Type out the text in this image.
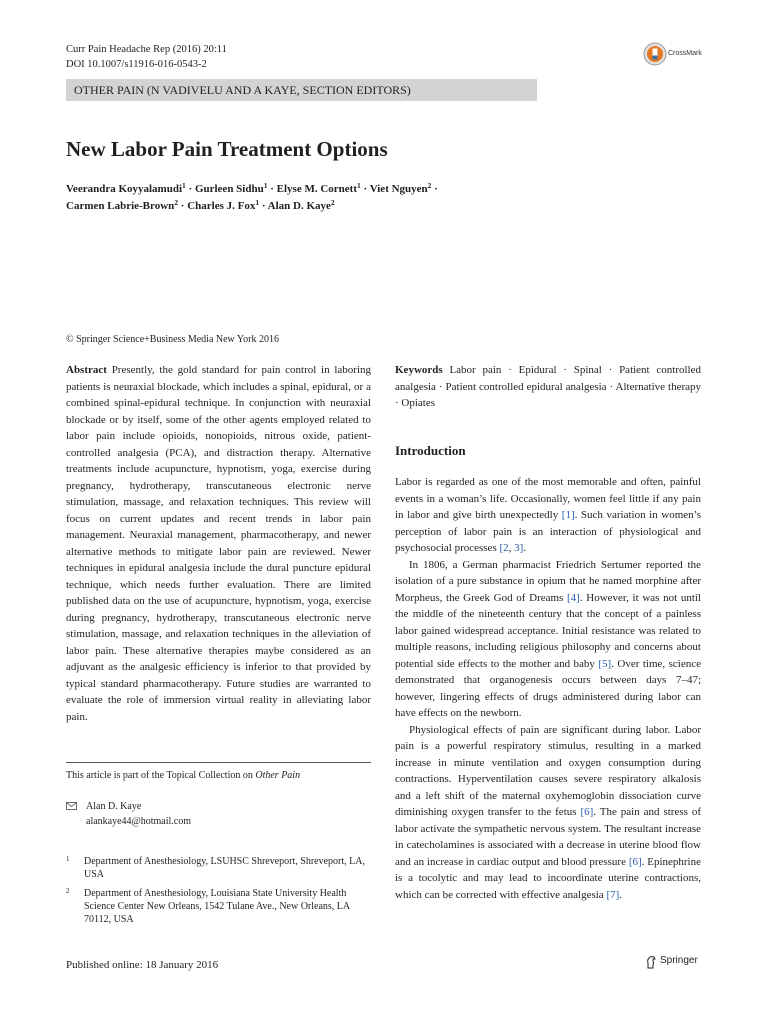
Curr Pain Headache Rep (2016) 20:11
DOI 10.1007/s11916-016-0543-2
CrossMark
OTHER PAIN (N VADIVELU AND A KAYE, SECTION EDITORS)
New Labor Pain Treatment Options
Veerandra Koyyalamudi$^1$ · Gurleen Sidhu$^1$ · Elyse M. Cornett$^1$ · Viet Nguyen$^2$ ·
Carmen Labrie-Brown$^2$ · Charles J. Fox$^1$ · Alan D. Kaye$^2$
© Springer Science+Business Media New York 2016
Abstract Presently, the gold standard for pain control in laboring patients is neuraxial blockade, which includes a spinal, epidural, or a combined spinal-epidural technique. In conjunction with neuraxial blockade or by itself, some of the other agents employed related to labor pain include opioids, nonopioids, nitrous oxide, patient-controlled analgesia (PCA), and distraction therapy. Alternative treatments include acupuncture, hypnotism, yoga, exercise during pregnancy, hydrotherapy, transcutaneous electronic nerve stimulation, massage, and relaxation techniques. This review will focus on current updates and recent trends in labor pain management. Neuraxial management, pharmacotherapy, and newer alternative methods to mitigate labor pain are reviewed. Newer techniques in epidural analgesia include the dural puncture epidural technique, which needs further evaluation. There are limited published data on the use of acupuncture, hypnotism, yoga, exercise during pregnancy, hydrotherapy, transcutaneous electronic nerve stimulation, massage, and relaxation techniques in the alleviation of labor pain. These alternative therapies maybe considered as an adjuvant as the analgesic efficiency is inferior to that provided by typical standard pharmacotherapy. Future studies are warranted to evaluate the role of immersion virtual reality in alleviating labor pain.
Keywords Labor pain · Epidural · Spinal · Patient controlled analgesia · Patient controlled epidural analgesia · Alternative therapy · Opiates
Introduction

Labor is regarded as one of the most memorable and often, painful events in a woman’s life. Occasionally, women feel little if any pain in labor and give birth unexpectedly [1]. Such variation in women’s perception of labor pain is an interaction of physiological and psychosocial processes [2, 3].

In 1806, a German pharmacist Friedrich Sertumer reported the isolation of a pure substance in opium that he named morphine after Morpheus, the Greek God of Dreams [4]. However, it was not until the middle of the nineteenth century that the concept of a painless labor gained widespread acceptance. Initial resistance was related to multiple reasons, including religious philosophy and concerns about potential side effects to the mother and baby [5]. Over time, science demonstrated that organogenesis occurs between days 7–47; however, lingering effects of drugs administered during labor can have effects on the newborn.

Physiological effects of pain are significant during labor. Labor pain is a powerful respiratory stimulus, resulting in a marked increase in minute ventilation and oxygen consumption during contractions. Hyperventilation causes severe respiratory alkalosis and a left shift of the maternal oxyhemoglobin dissociation curve diminishing oxygen transfer to the fetus [6]. The pain and stress of labor activate the sympathetic nervous system. The resultant increase in catecholamines is associated with a decrease in uterine blood flow and an increase in cardiac output and blood pressure [6]. Epinephrine is a tocolytic and may lead to incoordinate uterine contractions, which can be corrected with effective analgesia [7].

This article is part of the Topical Collection on Other Pain
Alan D. Kaye
alankaye44@hotmail.com
1 Department of Anesthesiology, LSUHSC Shreveport, Shreveport, LA, USA
2 Department of Anesthesiology, Louisiana State University Health Science Center New Orleans, 1542 Tulane Ave., New Orleans, LA 70112, USA
Published online: 18 January 2016	Springer
